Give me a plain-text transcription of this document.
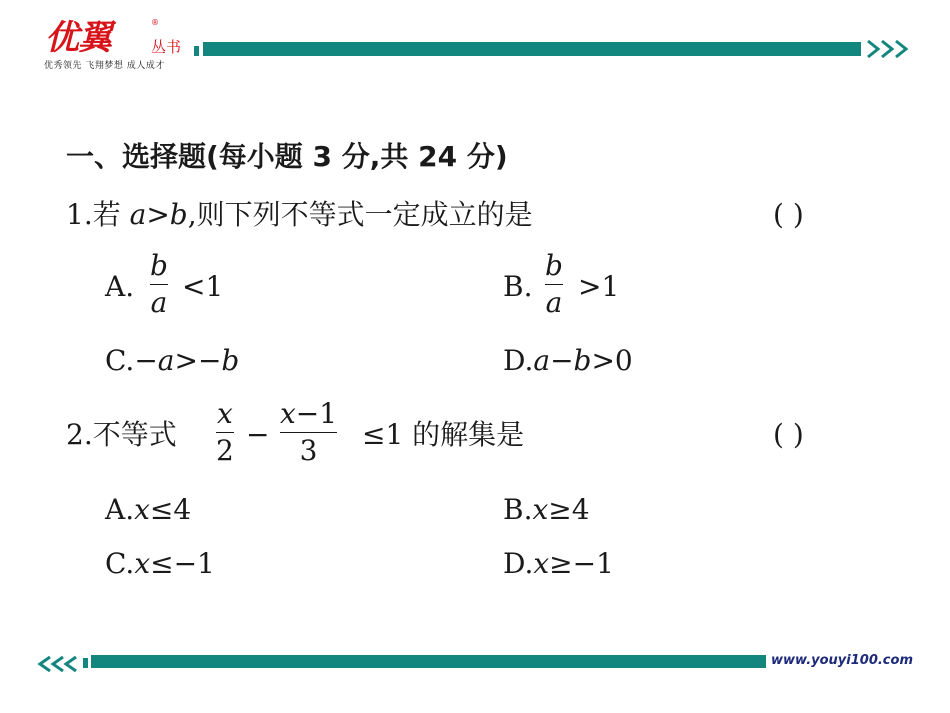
优翼	®
丛书
优秀领先 飞翔梦想 成人成才
一、选择题(每小题 3 分,共 24 分)
1.若 a>b,则下列不等式一定成立的是	( )
A.
b
a <1	B.
b
a >1
C.−a>−b	D.a−b>0
2.不等式
x
2 −
x−1
3 ≤1 的解集是	( )
A.x≤4	B.x≥4
C.x≤−1	D.x≥−1
www.youyi100.com
